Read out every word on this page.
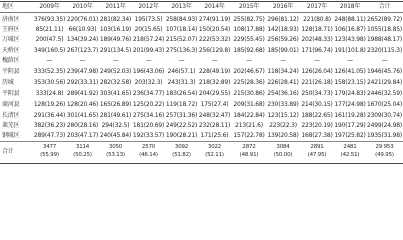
地区	2009年	2010年	2011年	2012年	2013年	2014年	2015年	2016年	2017年	2018年	合计
济南区	376(93.35) 220(76.01) 281(82.34) 195(73.5) 258(84.93) 274(91.19) 255(82.75) 296(81.12) 221(80.8) 248(88.11) 2652(89.72)
王府区	85(21.11) 66(10.93) 103(16.19) 20(15.65) 107(18.14) 150(20.54) 108(17.88) 142(18.93) 128(18.71) 106(16.87) 1055(18.85)
万城区	200(47.5) 134(39.24) 189(49.76) 218(57.24) 215(52.07) 222(53.32) 229(55.45) 256(59.26) 202(48.33) 123(43.98) 1988(48.17)
天桥区	349(160.5) 267(123.7) 291(134.5) 201(99.43) 275(136.3) 256(129.8) 185(92.68) 185(99.01) 171(96.74) 191(101.8) 2320(115.3)
槐荫区	—	—	—	—	—	—	—	—	—	—	—
平阴县	333(52.35) 239(47.98) 249(52.03) 196(43.06) 246(57.1) 228(49.19) 202(46.67) 118(34.24) 126(26.04) 126(41.05) 1946(45.76)
历城	353(30.56) 292(33.31) 282(32.58) 203(32.3) 243(31.3) 218(32.89) 225(28.36) 226(28.41) 221(26.18) 158(23.15) 2421(29.84)
平阴县	333(24.8) 289(41.92) 303(41.65) 236(34.77) 183(26.54) 204(29.55) 215(30.86) 254(36.16) 250(34.73) 179(24.83) 2446(32.59)
商河县	128(19.26) 128(20.46) 165(26.89) 125(20.22) 119(18.72) 175(27.4) 209(31.68) 230(33.89) 214(30.15) 177(24.98) 1670(25.04)
长清区	291(36.44) 301(41.65) 281(49.61) 275(34.16) 257(31.36) 248(32.47) 184(22.84) 123(15.12) 188(22.65) 161(19.28) 2309(30.74)
莱芜区	382(36.23) 280(28.16) 294(32.5) 181(20.69) 249(22.52) 232(28.11) 213(21.6)	223(22.3) 223(20.19) 190(17.29) 2499(24.98)
钢城区	289(47.73) 203(47.17) 240(45.84) 192(33.57) 190(28.21) 171(25.6) 157(22.78) 139(20.58) 168(27.38) 197(25.82) 1935(31.98)
合计
3477	3114	3050	2570	3092	3022	2872	3084	2891	2481	29 953
(55.99)	(50.25)	(53.13)	(46.14)	(51.82)	(52.11)	(48.91)	(50.00)	(47.95)	(42.51)	(49.95)
